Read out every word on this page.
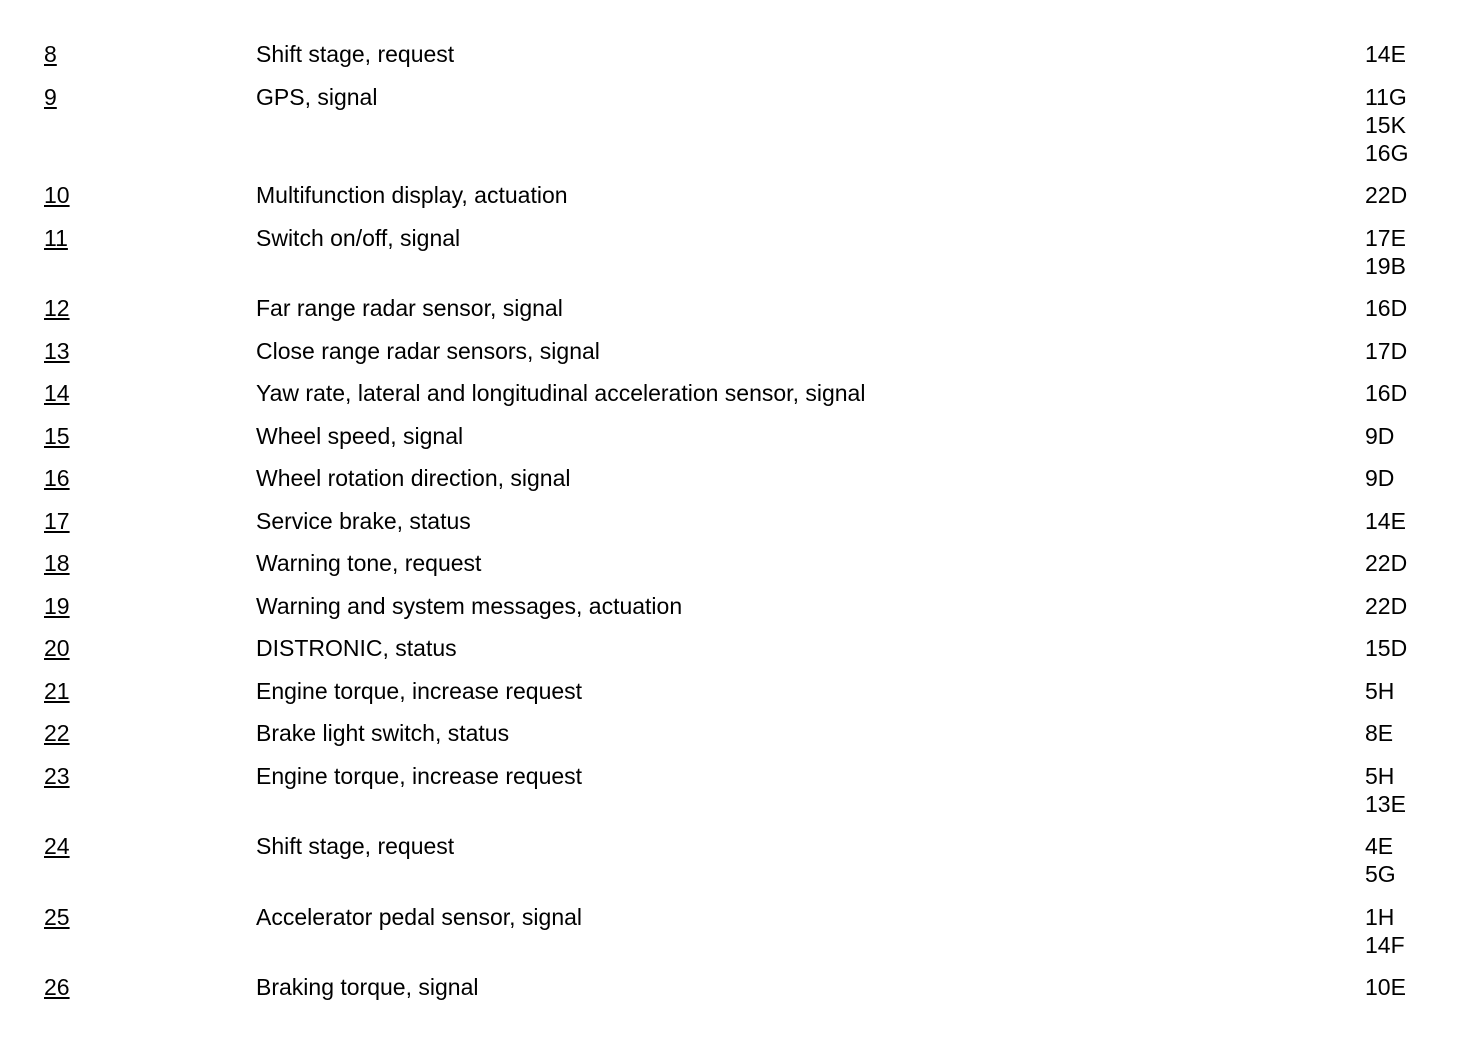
8	Shift stage, request	14E
9	GPS, signal	11G
15K
16G
10	Multifunction display, actuation	22D
11	Switch on/off, signal	17E
19B
12	Far range radar sensor, signal	16D
13	Close range radar sensors, signal	17D
14	Yaw rate, lateral and longitudinal acceleration sensor, signal	16D
15	Wheel speed, signal	9D
16	Wheel rotation direction, signal	9D
17	Service brake, status	14E
18	Warning tone, request	22D
19	Warning and system messages, actuation	22D
20	DISTRONIC, status	15D
21	Engine torque, increase request	5H
22	Brake light switch, status	8E
23	Engine torque, increase request	5H
13E
24	Shift stage, request	4E
5G
25	Accelerator pedal sensor, signal	1H
14F
26	Braking torque, signal	10E
